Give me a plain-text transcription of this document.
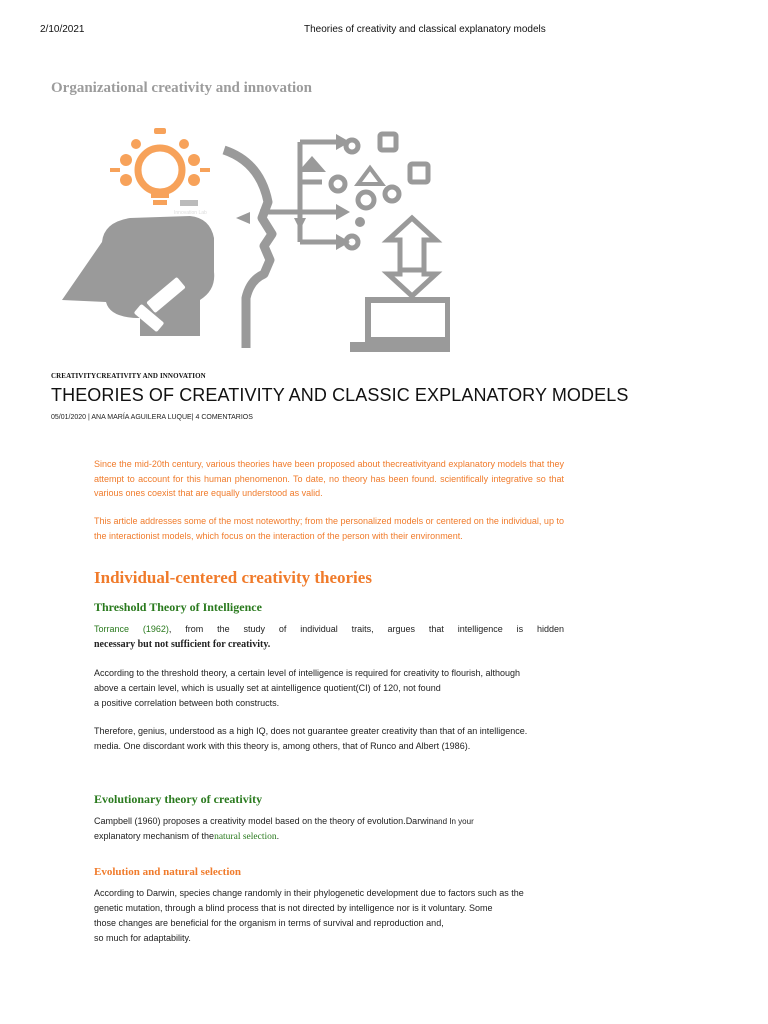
2/10/2021	Theories of creativity and classical explanatory models
Organizational creativity and innovation
Innovation Lab
CREATIVITYCREATIVITY AND INNOVATION
THEORIES OF CREATIVITY AND CLASSIC EXPLANATORY MODELS
05/01/2020 | ANA MARÍA AGUILERA LUQUE| 4 COMENTARIOS

Since the mid-20th century, various theories have been proposed about thecreativityand explanatory models that they attempt to account for this human phenomenon. To date, no theory has been found. scientifically integrative so that various ones coexist that are equally understood as valid.

This article addresses some of the most noteworthy; from the personalized models or centered on the individual, up to the interactionist models, which focus on the interaction of the person with their environment.

Individual-centered creativity theories
Threshold Theory of Intelligence
Torrance (1962), from the study of individual traits, argues that intelligence is hidden
necessary but not sufficient for creativity.
According to the threshold theory, a certain level of intelligence is required for creativity to flourish, although
above a certain level, which is usually set at aintelligence quotient(CI) of 120, not found
a positive correlation between both constructs.
Therefore, genius, understood as a high IQ, does not guarantee greater creativity than that of an intelligence.
media. One discordant work with this theory is, among others, that of Runco and Albert (1986).
Evolutionary theory of creativity
Campbell (1960) proposes a creativity model based on the theory of evolution.Darwinand In your
explanatory mechanism of thenatural selection.
Evolution and natural selection
According to Darwin, species change randomly in their phylogenetic development due to factors such as the
genetic mutation, through a blind process that is not directed by intelligence nor is it voluntary. Some
those changes are beneficial for the organism in terms of survival and reproduction and,
so much for adaptability.
